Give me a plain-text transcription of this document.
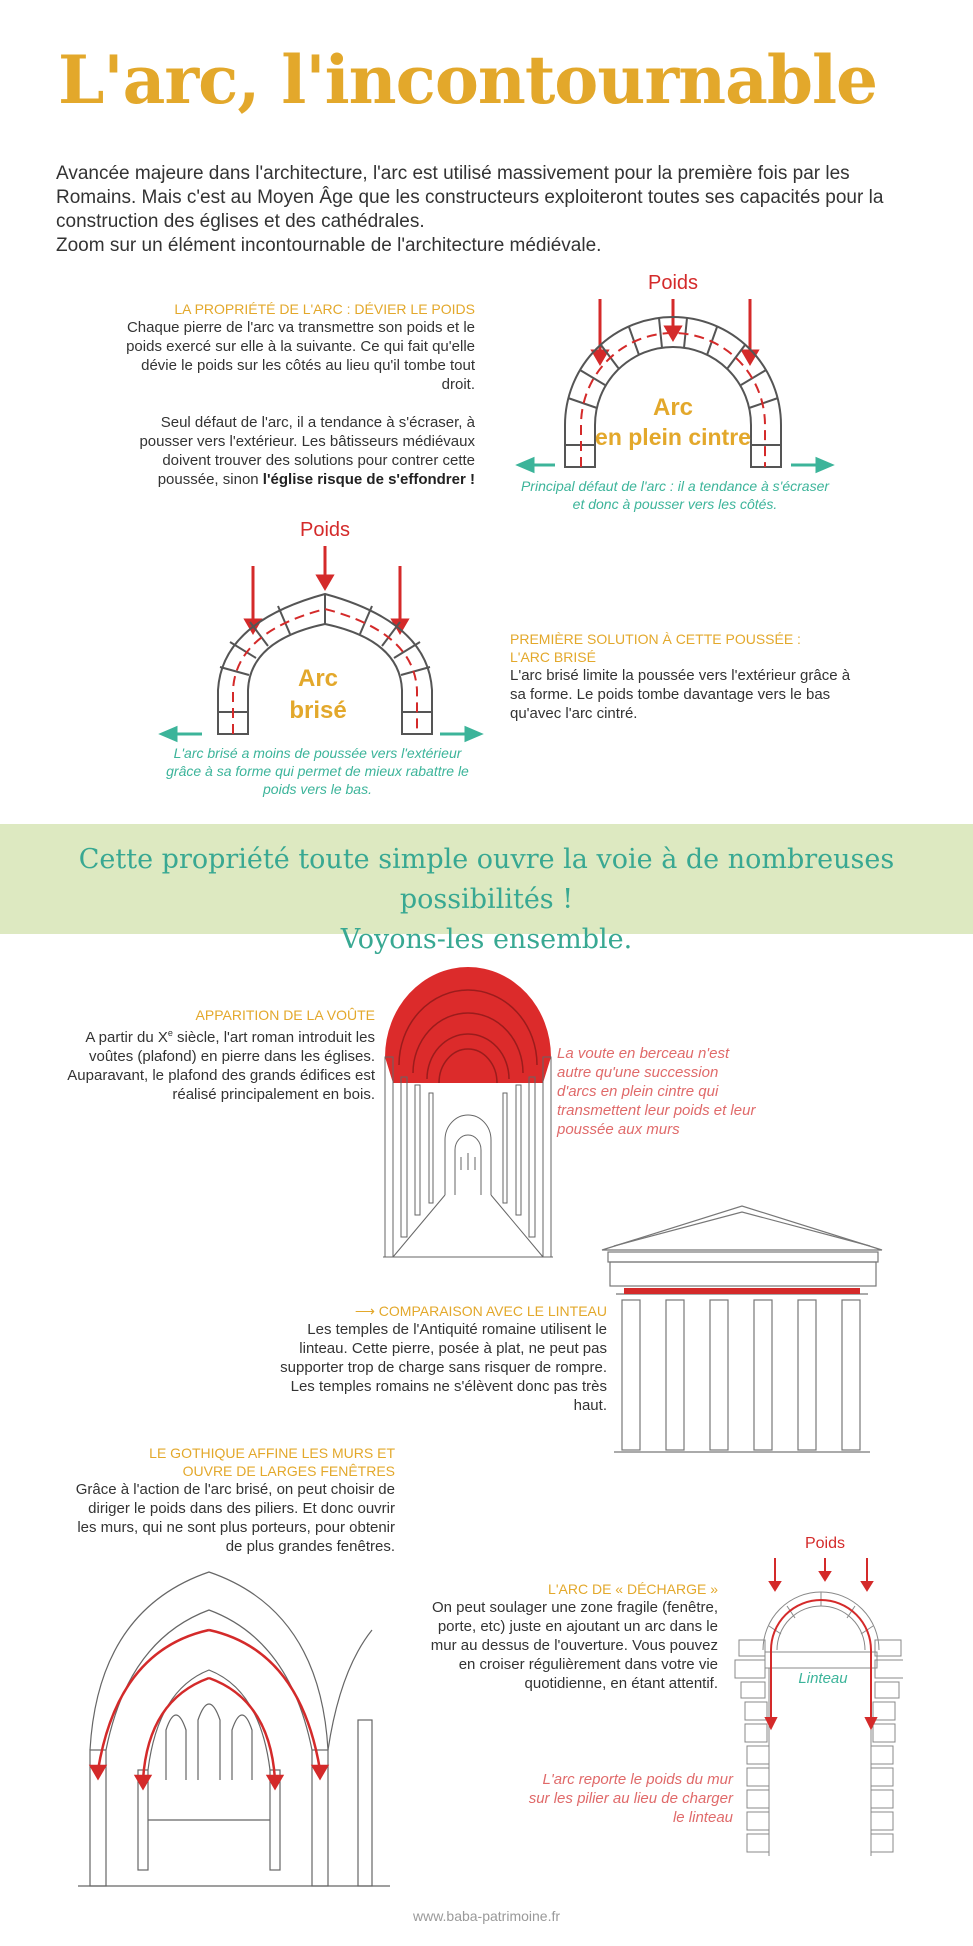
L'arc, l'incontournable
Avancée majeure dans l'architecture, l'arc est utilisé massivement pour la première fois par les Romains. Mais c'est au Moyen Âge que les constructeurs exploiteront toutes ses capacités pour la construction des églises et des cathédrales.
Zoom sur un élément incontournable de l'architecture médiévale.
LA PROPRIÉTÉ DE L'ARC : DÉVIER LE POIDS
Chaque pierre de l'arc va transmettre son poids et le poids exercé sur elle à la suivante. Ce qui fait qu'elle dévie le poids sur les côtés au lieu qu'il tombe tout droit.
Seul défaut de l'arc, il a tendance à s'écraser, à pousser vers l'extérieur. Les bâtisseurs médiévaux doivent trouver des solutions pour contrer cette poussée, sinon l'église risque de s'effondrer !
Poids
Arc
en plein cintre
Principal défaut de l'arc : il a tendance à s'écraser et donc à pousser vers les côtés.
Poids
Arc
brisé
L'arc brisé a moins de poussée vers l'extérieur grâce à sa forme qui permet de mieux rabattre le poids vers le bas.
PREMIÈRE SOLUTION À CETTE POUSSÉE :
L'ARC BRISÉ
L'arc brisé limite la poussée vers l'extérieur grâce à sa forme. Le poids tombe davantage vers le bas qu'avec l'arc cintré.
Cette propriété toute simple ouvre la voie à de nombreuses possibilités !
Voyons-les ensemble.
APPARITION DE LA VOÛTE
A partir du Xe siècle, l'art roman introduit les voûtes (plafond) en pierre dans les églises. Auparavant, le plafond des grands édifices est réalisé principalement en bois.
La voute en berceau n'est autre qu'une succession d'arcs en plein cintre qui transmettent leur poids et leur poussée aux murs
⟶ COMPARAISON AVEC LE LINTEAU
Les temples de l'Antiquité romaine utilisent le linteau. Cette pierre, posée à plat, ne peut pas supporter trop de charge sans risquer de rompre. Les temples romains ne s'élèvent donc pas très haut.
LE GOTHIQUE AFFINE LES MURS ET
OUVRE DE LARGES FENÊTRES
Grâce à l'action de l'arc brisé, on peut choisir de diriger le poids dans des piliers. Et donc ouvrir les murs, qui ne sont plus porteurs, pour obtenir de plus grandes fenêtres.
L'ARC DE « DÉCHARGE »
On peut soulager une zone fragile (fenêtre, porte, etc) juste en ajoutant un arc dans le mur au dessus de l'ouverture. Vous pouvez en croiser régulièrement dans votre vie quotidienne, en étant attentif.
Poids
Linteau
L'arc reporte le poids du mur sur les pilier au lieu de charger le linteau
www.baba-patrimoine.fr
